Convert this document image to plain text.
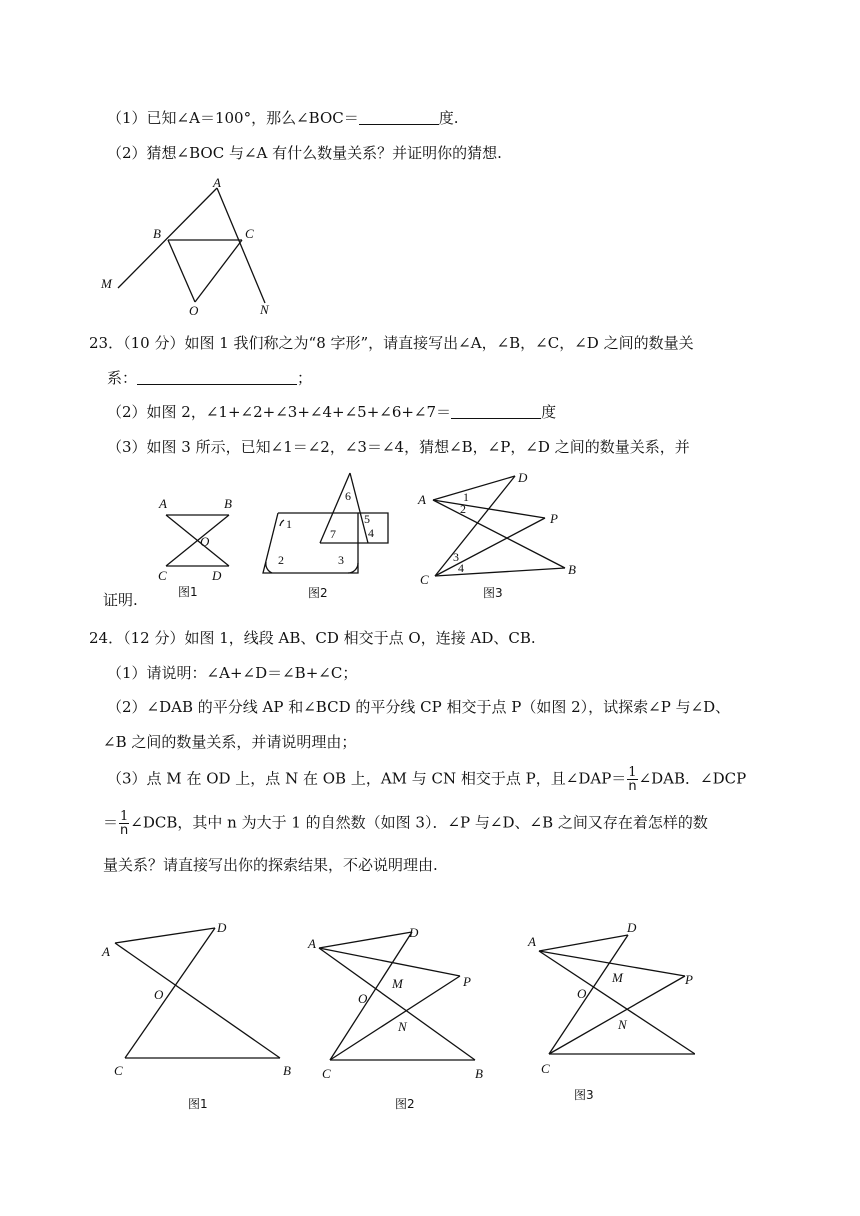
（1）已知∠A＝100°，那么∠BOC＝	度.
（2）猜想∠BOC 与∠A 有什么数量关系？并证明你的猜想.
A
B	C
M
O	N
23．（10 分）如图 1 我们称之为“8 字形”，请直接写出∠A，∠B，∠C，∠D 之间的数量关
系：	；
（2）如图 2，∠1+∠2+∠3+∠4+∠5+∠6+∠7＝	度
（3）如图 3 所示，已知∠1＝∠2，∠3＝∠4，猜想∠B，∠P，∠D 之间的数量关系，并
证明.
A	B
O
C	D
图1
1
2	3
4
5
6
7
图2
A
D
1
2
P
3
4
C
B
图3
24．（12 分）如图 1，线段 AB、CD 相交于点 O，连接 AD、CB.
（1）请说明：∠A+∠D＝∠B+∠C；
（2）∠DAB 的平分线 AP 和∠BCD 的平分线 CP 相交于点 P（如图 2），试探索∠P 与∠D、
∠B 之间的数量关系，并请说明理由；
（3）点 M 在 OD 上，点 N 在 OB 上，AM 与 CN 相交于点 P，且∠DAP＝ $\frac{1}{n}$ ∠DAB．∠DCP
＝ $\frac{1}{n}$ ∠DCB，其中 n 为大于 1 的自然数（如图 3）．∠P 与∠D、∠B 之间又存在着怎样的数
量关系？请直接写出你的探索结果，不必说明理由.
A
D
O
C	B
图1
A
D
M	P
O
N
C	B
图2
A
D
M	P
O
N
C
图3
